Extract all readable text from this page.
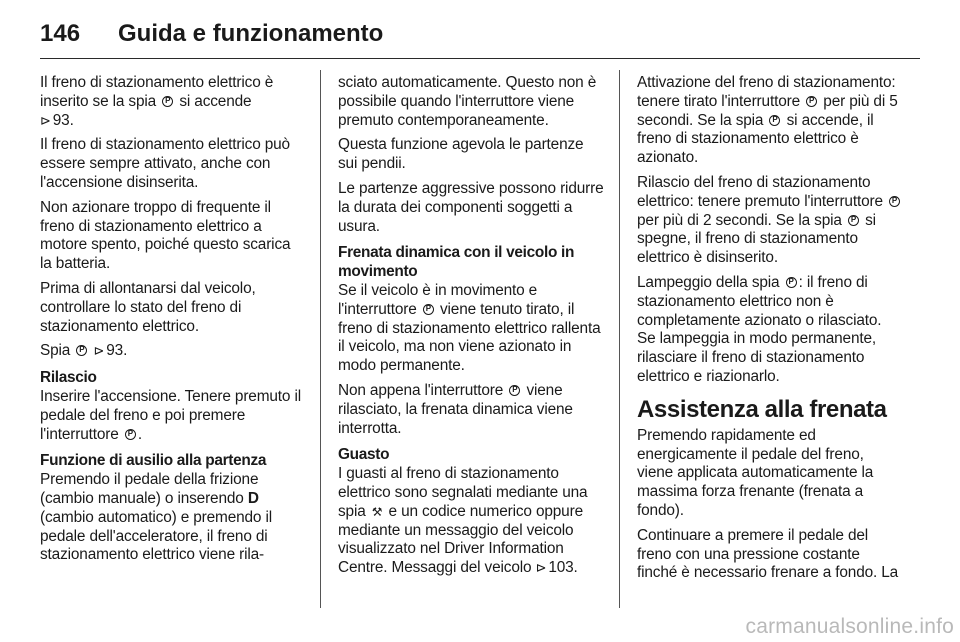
146	Guida e funzionamento

Il freno di stazionamento elettrico è inserito se la spia P si accende
⊳ 93.

Il freno di stazionamento elettrico può essere sempre attivato, anche con l'accensione disinserita.

Non azionare troppo di frequente il freno di stazionamento elettrico a motore spento, poiché questo scarica la batteria.

Prima di allontanarsi dal veicolo, controllare lo stato del freno di stazionamento elettrico.

Spia P ⊳ 93.

Rilascio

Inserire l'accensione. Tenere premuto il pedale del freno e poi premere l'interruttore P .

Funzione di ausilio alla partenza

Premendo il pedale della frizione (cambio manuale) o inserendo D (cambio automatico) e premendo il pedale dell'acceleratore, il freno di stazionamento elettrico viene rila-

sciato automaticamente. Questo non è possibile quando l'interruttore viene premuto contemporaneamente.

Questa funzione agevola le partenze sui pendii.

Le partenze aggressive possono ridurre la durata dei componenti soggetti a usura.

Frenata dinamica con il veicolo in movimento

Se il veicolo è in movimento e l'interruttore P viene tenuto tirato, il freno di stazionamento elettrico rallenta il veicolo, ma non viene azionato in modo permanente.

Non appena l'interruttore P viene rilasciato, la frenata dinamica viene interrotta.

Guasto

I guasti al freno di stazionamento elettrico sono segnalati mediante una spia ⚒ e un codice numerico oppure mediante un messaggio del veicolo visualizzato nel Driver Information Centre. Messaggi del veicolo ⊳ 103.

Attivazione del freno di stazionamento: tenere tirato l'interruttore P per più di 5 secondi. Se la spia P si accende, il freno di stazionamento elettrico è azionato.

Rilascio del freno di stazionamento elettrico: tenere premuto l'interruttore P per più di 2 secondi. Se la spia P si spegne, il freno di stazionamento elettrico è disinserito.

Lampeggio della spia P : il freno di stazionamento elettrico non è completamente azionato o rilasciato. Se lampeggia in modo permanente, rilasciare il freno di stazionamento elettrico e riazionarlo.

Assistenza alla frenata

Premendo rapidamente ed energicamente il pedale del freno, viene applicata automaticamente la massima forza frenante (frenata a fondo).

Continuare a premere il pedale del freno con una pressione costante finché è necessario frenare a fondo. La

carmanualsonline.info
